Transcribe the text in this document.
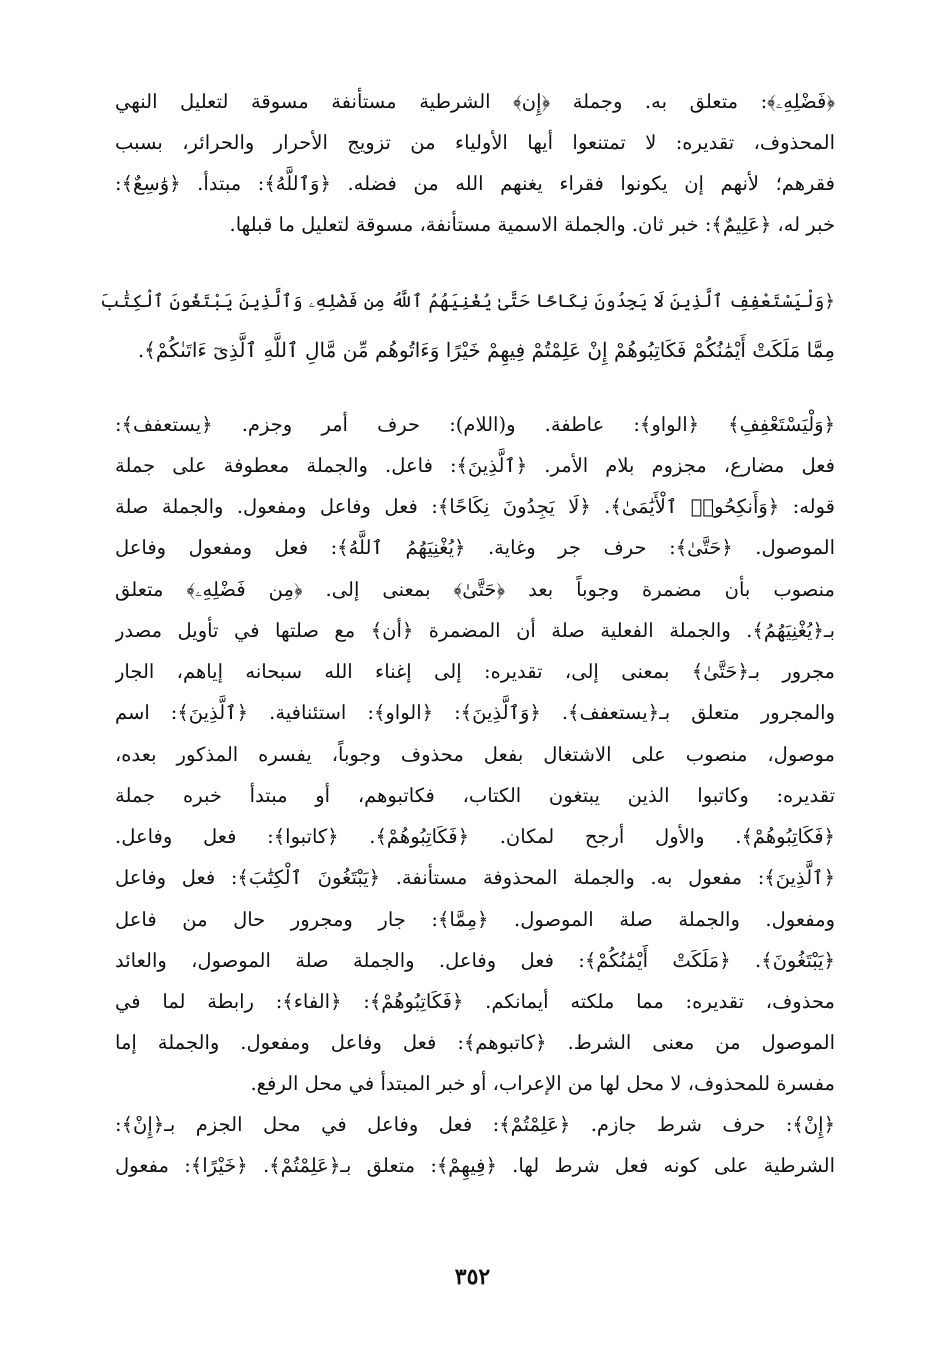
﴿فَضْلِهِۦ﴾: متعلق به. وجملة ﴿إِن﴾ الشرطية مستأنفة مسوقة لتعليل النهي
المحذوف، تقديره: لا تمتنعوا أيها الأولياء من تزويج الأحرار والحرائر، بسبب
فقرهم؛ لأنهم إن يكونوا فقراء يغنهم الله من فضله. ﴿وَٱللَّهُ﴾: مبتدأ. ﴿وَٰسِعٌ﴾:
خبر له، ﴿عَلِيمٌ﴾: خبر ثان. والجملة الاسمية مستأنفة، مسوقة لتعليل ما قبلها.
﴿وَلْيَسْتَعْفِفِ ٱلَّذِينَ لَا يَجِدُونَ نِكَاحًا حَتَّىٰ يُغْنِيَهُمُ ٱللَّهُ مِن فَضْلِهِۦ وَٱلَّذِينَ يَبْتَغُونَ ٱلْكِتَٰبَ
مِمَّا مَلَكَتْ أَيْمَٰنُكُمْ فَكَاتِبُوهُمْ إِنْ عَلِمْتُمْ فِيهِمْ خَيْرًا وَءَاتُوهُم مِّن مَّالِ ٱللَّهِ ٱلَّذِىٓ ءَاتَىٰكُمْ﴾.
﴿وَلْيَسْتَعْفِفِ﴾ ﴿الواو﴾: عاطفة. و(اللام): حرف أمر وجزم. ﴿يستعفف﴾:
فعل مضارع، مجزوم بلام الأمر. ﴿ٱلَّذِينَ﴾: فاعل. والجملة معطوفة على جملة
قوله: ﴿وَأَنكِحُوا۟ ٱلْأَيَٰمَىٰ﴾. ﴿لَا يَجِدُونَ نِكَاحًا﴾: فعل وفاعل ومفعول. والجملة صلة
الموصول. ﴿حَتَّىٰ﴾: حرف جر وغاية. ﴿يُغْنِيَهُمُ ٱللَّهُ﴾: فعل ومفعول وفاعل
منصوب بأن مضمرة وجوباً بعد ﴿حَتَّىٰ﴾ بمعنى إلى. ﴿مِن فَضْلِهِۦ﴾ متعلق
بـ﴿يُغْنِيَهُمُ﴾. والجملة الفعلية صلة أن المضمرة ﴿أن﴾ مع صلتها في تأويل مصدر
مجرور بـ﴿حَتَّىٰ﴾ بمعنى إلى، تقديره: إلى إغناء الله سبحانه إياهم، الجار
والمجرور متعلق بـ﴿يستعفف﴾. ﴿وَٱلَّذِينَ﴾: ﴿الواو﴾: استئنافية. ﴿ٱلَّذِينَ﴾: اسم
موصول، منصوب على الاشتغال بفعل محذوف وجوباً، يفسره المذكور بعده،
تقديره: وكاتبوا الذين يبتغون الكتاب، فكاتبوهم، أو مبتدأ خبره جملة
﴿فَكَاتِبُوهُمْ﴾. والأول أرجح لمكان. ﴿فَكَاتِبُوهُمْ﴾. ﴿كاتبوا﴾: فعل وفاعل.
﴿ٱلَّذِينَ﴾: مفعول به. والجملة المحذوفة مستأنفة. ﴿يَبْتَغُونَ ٱلْكِتَٰبَ﴾: فعل وفاعل
ومفعول. والجملة صلة الموصول. ﴿مِمَّا﴾: جار ومجرور حال من فاعل
﴿يَبْتَغُونَ﴾. ﴿مَلَكَتْ أَيْمَٰنُكُمْ﴾: فعل وفاعل. والجملة صلة الموصول، والعائد
محذوف، تقديره: مما ملكته أيمانكم. ﴿فَكَاتِبُوهُمْ﴾: ﴿الفاء﴾: رابطة لما في
الموصول من معنى الشرط. ﴿كاتبوهم﴾: فعل وفاعل ومفعول. والجملة إما
مفسرة للمحذوف، لا محل لها من الإعراب، أو خبر المبتدأ في محل الرفع.
﴿إِنْ﴾: حرف شرط جازم. ﴿عَلِمْتُمْ﴾: فعل وفاعل في محل الجزم بـ﴿إِنْ﴾:
الشرطية على كونه فعل شرط لها. ﴿فِيهِمْ﴾: متعلق بـ﴿عَلِمْتُمْ﴾. ﴿خَيْرًا﴾: مفعول
٣٥٢
